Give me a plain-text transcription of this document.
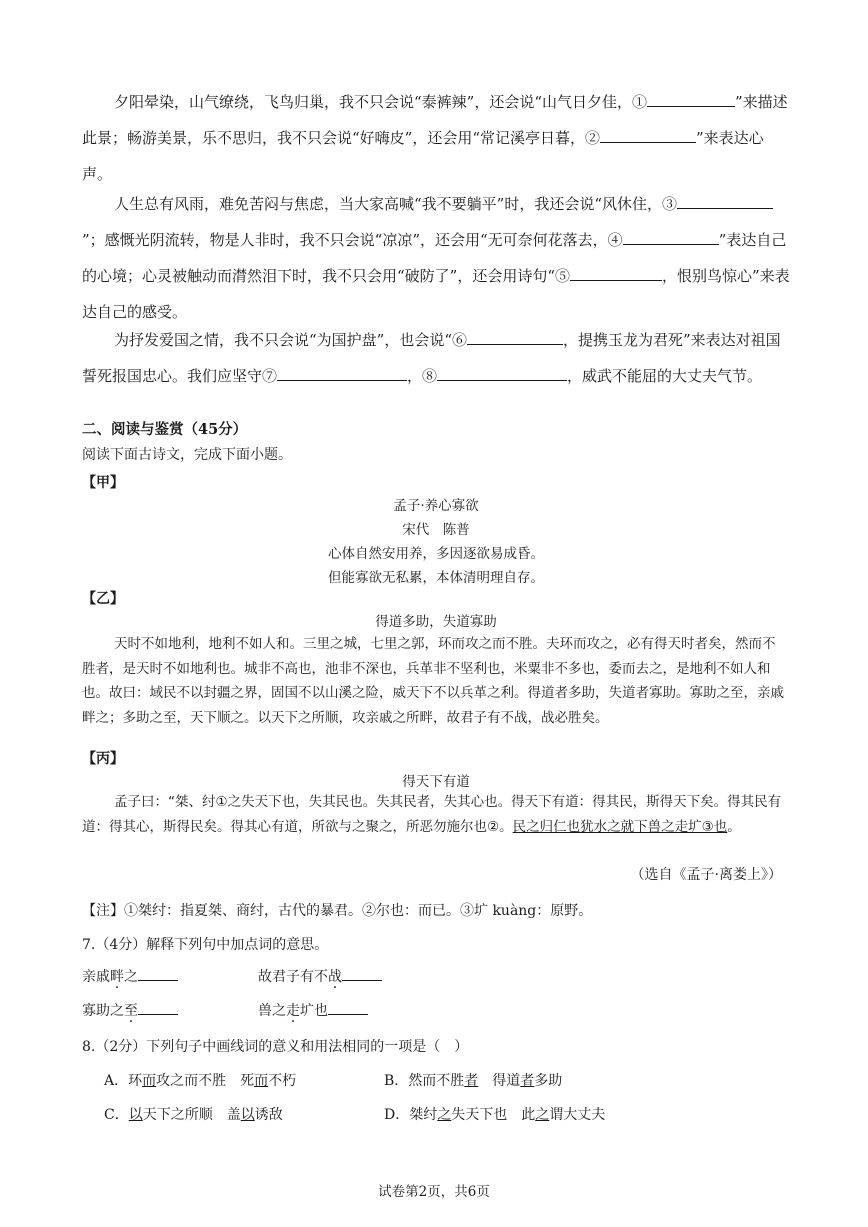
夕阳晕染，山气缭绕，飞鸟归巢，我不只会说“泰裤辣”，还会说“山气日夕佳，①	”来描述此景；畅游美景，乐不思归，我不只会说“好嗨皮”，还会用“常记溪亭日暮，②	”来表达心声。

人生总有风雨，难免苦闷与焦虑，当大家高喊“我不要躺平”时，我还会说“风休住，③”；感慨光阴流转，物是人非时，我不只会说“凉凉”，还会用“无可奈何花落去，④	”表达自己的心境；心灵被触动而潸然泪下时，我不只会用“破防了”，还会用诗句“⑤	，恨别鸟惊心”来表达自己的感受。

为抒发爱国之情，我不只会说“为国护盘”，也会说“⑥	，提携玉龙为君死”来表达对祖国誓死报国忠心。我们应坚守⑦	，⑧	，威武不能屈的大丈夫气节。

二、阅读与鉴赏（45分）

阅读下面古诗文，完成下面小题。

【甲】

孟子·养心寡欲

宋代　陈普

心体自然安用养，多因逐欲易成昏。

但能寡欲无私累，本体清明理自存。

【乙】

得道多助，失道寡助

天时不如地利，地利不如人和。三里之城，七里之郭，环而攻之而不胜。夫环而攻之，必有得天时者矣，然而不胜者，是天时不如地利也。城非不高也，池非不深也，兵革非不坚利也，米粟非不多也，委而去之，是地利不如人和也。故曰：域民不以封疆之界，固国不以山溪之险，威天下不以兵革之利。得道者多助，失道者寡助。寡助之至，亲戚畔之；多助之至，天下顺之。以天下之所顺，攻亲戚之所畔，故君子有不战，战必胜矣。

【丙】

得天下有道

孟子曰：“桀、纣①之失天下也，失其民也。失其民者，失其心也。得天下有道：得其民，斯得天下矣。得其民有道：得其心，斯得民矣。得其心有道，所欲与之聚之，所恶勿施尔也②。民之归仁也犹水之就下兽之走圹③也。

（选自《孟子·离娄上》）

【注】①桀纣：指夏桀、商纣，古代的暴君。②尔也：而已。③圹 kuàng：原野。

7.（4分）解释下列句中加点词的意思。

亲戚畔之	故君子有不战

寡助之至	兽之走圹也

8.（2分）下列句子中画线词的意义和用法相同的一项是（　）

A．环而攻之而不胜　死而不朽	B．然而不胜者　得道者多助

C．以天下之所顺　盖以诱敌	D．桀纣之失天下也　此之谓大丈夫

试卷第2页，共6页
